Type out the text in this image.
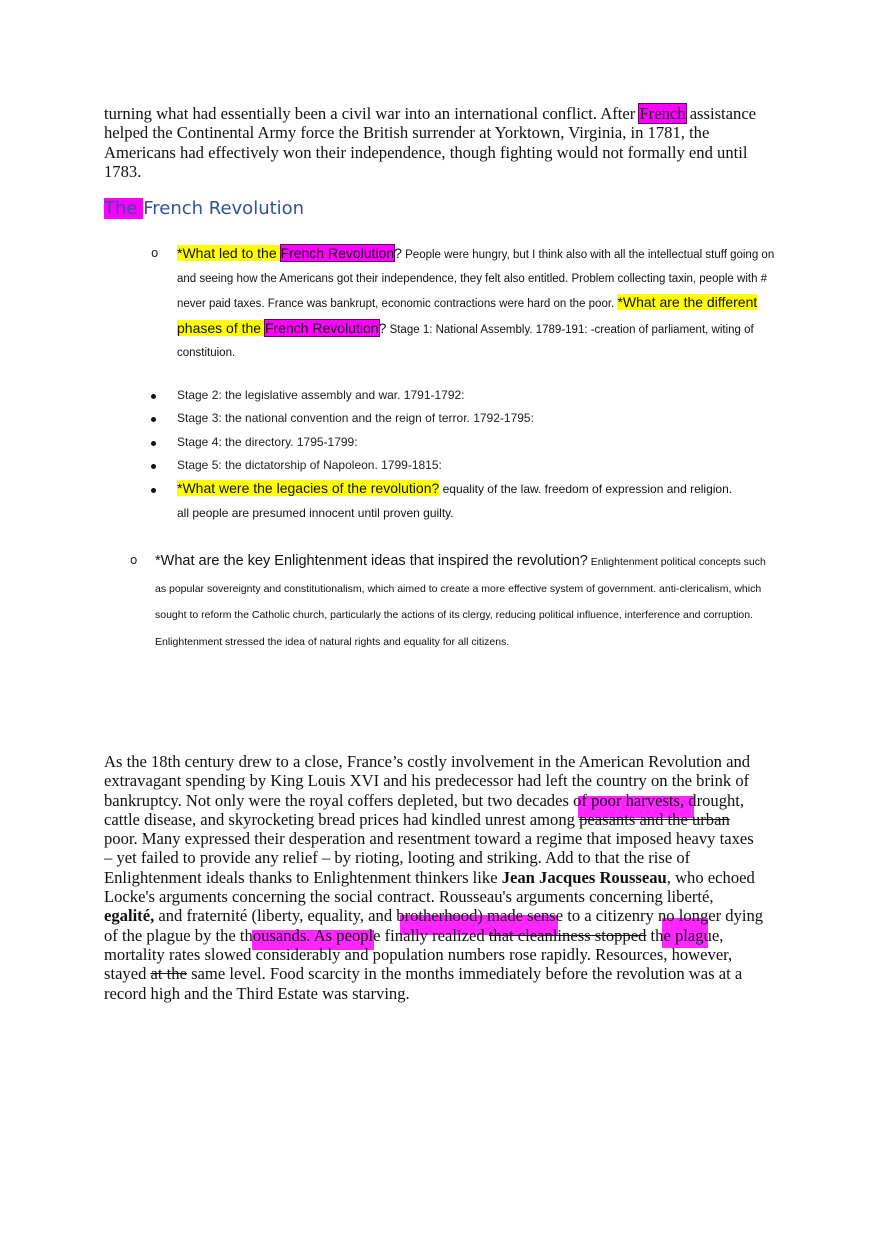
turning what had essentially been a civil war into an international conflict. After French assistance helped the Continental Army force the British surrender at Yorktown, Virginia, in 1781, the Americans had effectively won their independence, though fighting would not formally end until 1783.
The French Revolution
o *What led to the French Revolution? People were hungry, but I think also with all the intellectual stuff going on and seeing how the Americans got their independence, they felt also entitled. Problem collecting taxin, people with # never paid taxes. France was bankrupt, economic contractions were hard on the poor. *What are the different phases of the French Revolution? Stage 1: National Assembly. 1789-191: -creation of parliament, witing of constituion.
Stage 2: the legislative assembly and war. 1791-1792:
Stage 3: the national convention and the reign of terror. 1792-1795:
Stage 4: the directory. 1795-1799:
Stage 5: the dictatorship of Napoleon. 1799-1815:
*What were the legacies of the revolution? equality of the law. freedom of expression and religion.
all people are presumed innocent until proven guilty.
o *What are the key Enlightenment ideas that inspired the revolution? Enlightenment political concepts such as popular sovereignty and constitutionalism, which aimed to create a more effective system of government. anti-clericalism, which sought to reform the Catholic church, particularly the actions of its clergy, reducing political influence, interference and corruption. Enlightenment stressed the idea of natural rights and equality for all citizens.
As the 18th century drew to a close, France’s costly involvement in the American Revolution and extravagant spending by King Louis XVI and his predecessor had left the country on the brink of bankruptcy. Not only were the royal coffers depleted, but two decades of poor harvests, drought, cattle disease, and skyrocketing bread prices had kindled unrest among peasants and the urban poor. Many expressed their desperation and resentment toward a regime that imposed heavy taxes – yet failed to provide any relief – by rioting, looting and striking. Add to that the rise of Enlightenment ideals thanks to Enlightenment thinkers like Jean Jacques Rousseau, who echoed Locke's arguments concerning the social contract. Rousseau's arguments concerning liberté, egalité, and fraternité (liberty, equality, and brotherhood) made sense to a citizenry no longer dying of the plague by the thousands. As people finally realized that cleanliness stopped the plague, mortality rates slowed considerably and population numbers rose rapidly. Resources, however, stayed at the same level. Food scarcity in the months immediately before the revolution was at a record high and the Third Estate was starving.
